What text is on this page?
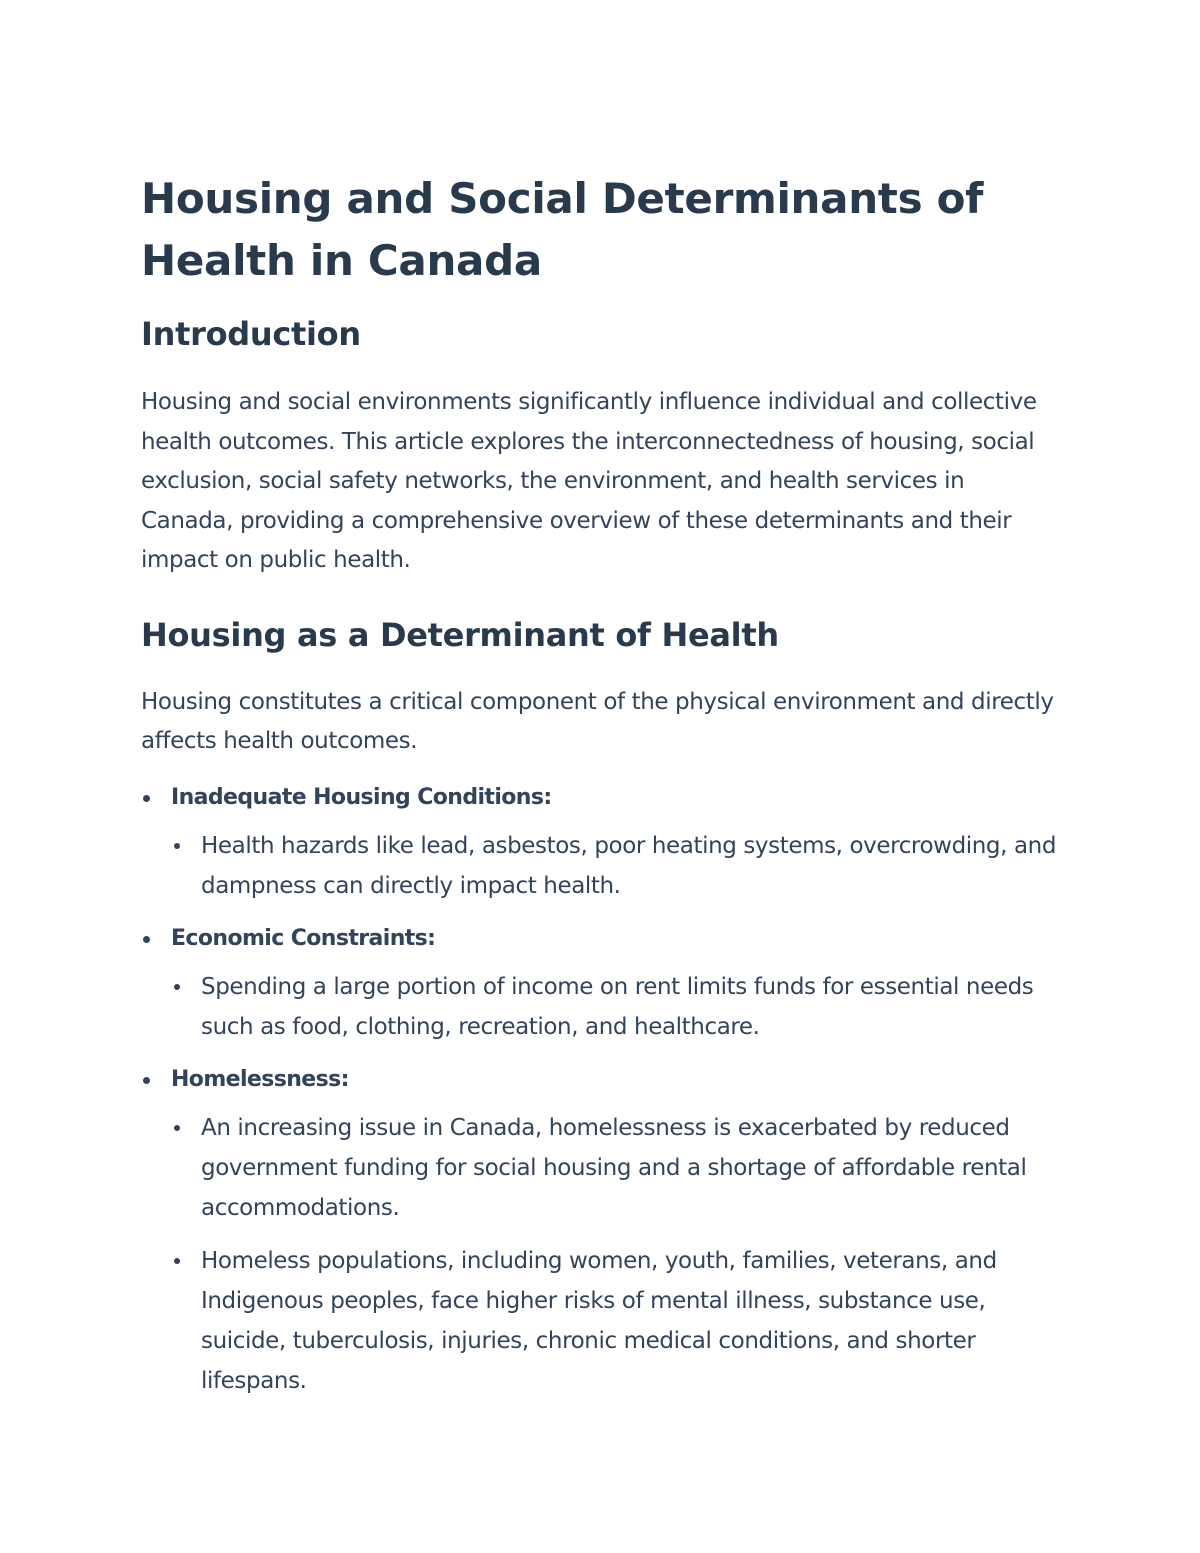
Housing and Social Determinants of Health in Canada
Introduction

Housing and social environments significantly influence individual and collective health outcomes. This article explores the interconnectedness of housing, social exclusion, social safety networks, the environment, and health services in Canada, providing a comprehensive overview of these determinants and their impact on public health.

Housing as a Determinant of Health

Housing constitutes a critical component of the physical environment and directly affects health outcomes.

Inadequate Housing Conditions:
Health hazards like lead, asbestos, poor heating systems, overcrowding, and dampness can directly impact health.
Economic Constraints:
Spending a large portion of income on rent limits funds for essential needs such as food, clothing, recreation, and healthcare.
Homelessness:
An increasing issue in Canada, homelessness is exacerbated by reduced government funding for social housing and a shortage of affordable rental accommodations.
Homeless populations, including women, youth, families, veterans, and Indigenous peoples, face higher risks of mental illness, substance use, suicide, tuberculosis, injuries, chronic medical conditions, and shorter lifespans.
